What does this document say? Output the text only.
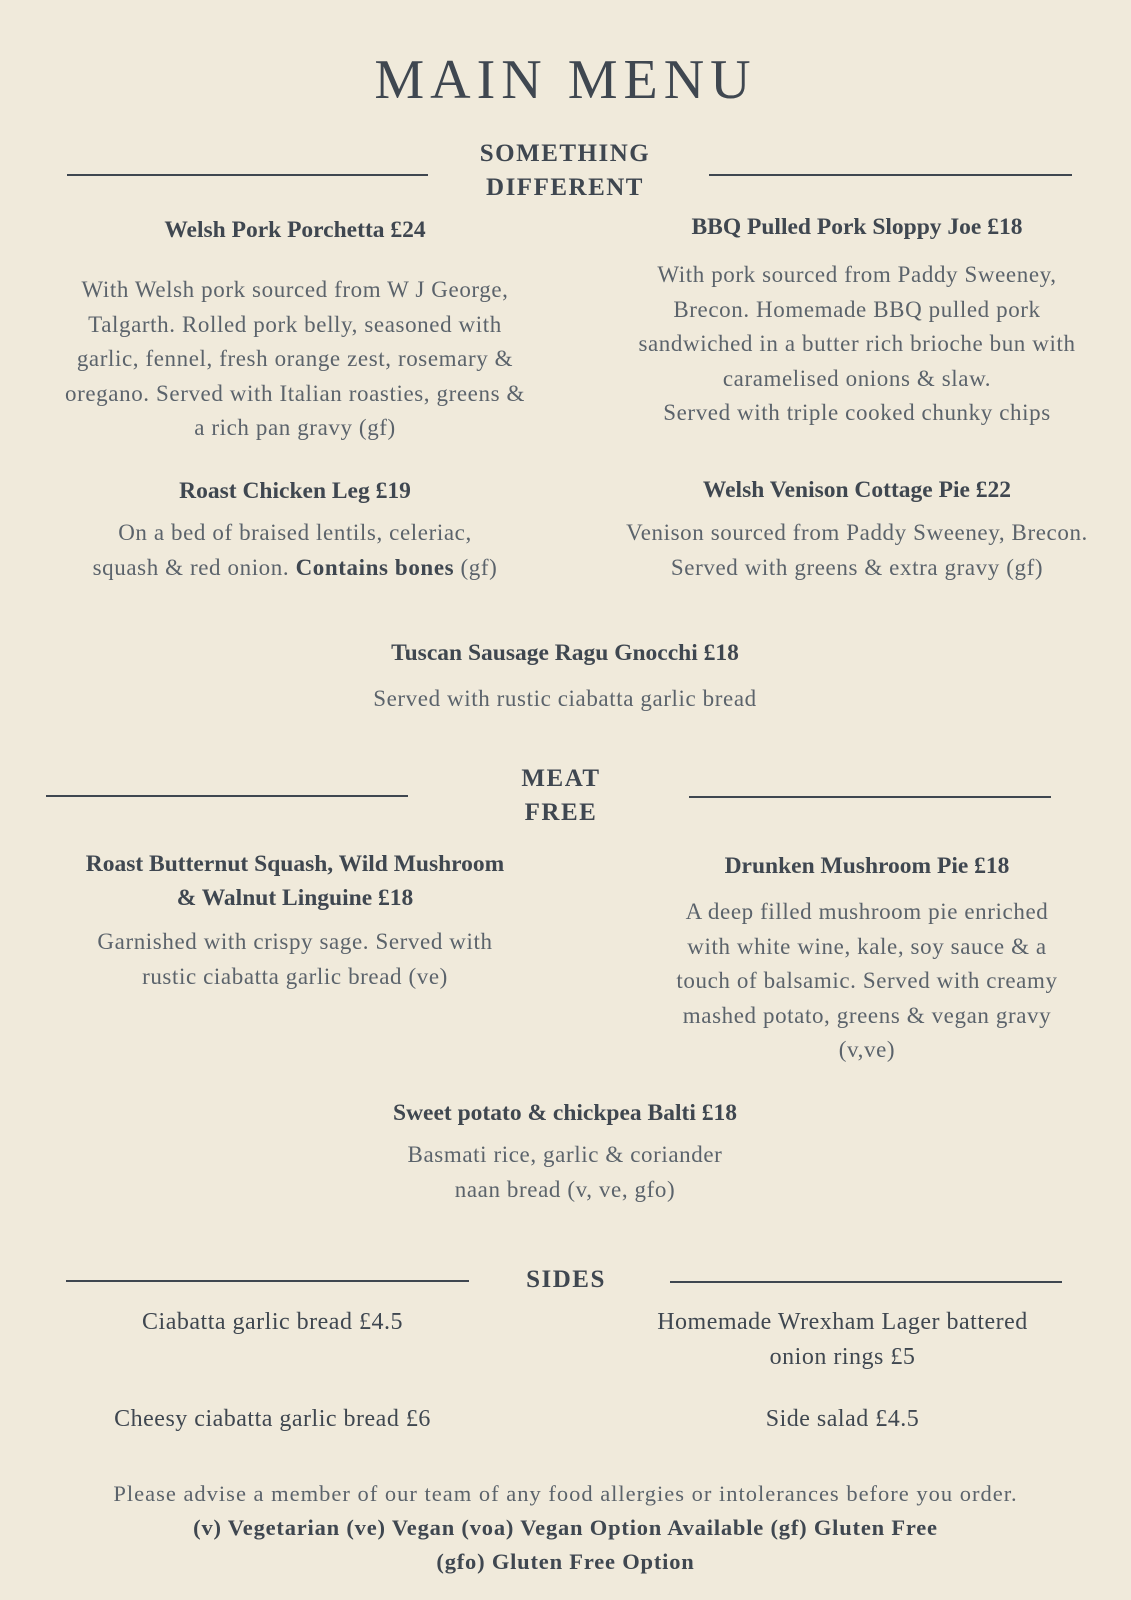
MAIN MENU
SOMETHING
DIFFERENT
Welsh Pork Porchetta £24
With Welsh pork sourced from W J George,
Talgarth. Rolled pork belly, seasoned with
garlic, fennel, fresh orange zest, rosemary &
oregano. Served with Italian roasties, greens &
a rich pan gravy (gf)
BBQ Pulled Pork Sloppy Joe £18
With pork sourced from Paddy Sweeney,
Brecon. Homemade BBQ pulled pork
sandwiched in a butter rich brioche bun with
caramelised onions & slaw.
Served with triple cooked chunky chips
Roast Chicken Leg £19
On a bed of braised lentils, celeriac,
squash & red onion. Contains bones (gf)
Welsh Venison Cottage Pie £22
Venison sourced from Paddy Sweeney, Brecon.
Served with greens & extra gravy (gf)
Tuscan Sausage Ragu Gnocchi £18
Served with rustic ciabatta garlic bread
MEAT
FREE
Roast Butternut Squash, Wild Mushroom
& Walnut Linguine £18
Garnished with crispy sage. Served with
rustic ciabatta garlic bread (ve)
Drunken Mushroom Pie £18
A deep filled mushroom pie enriched
with white wine, kale, soy sauce & a
touch of balsamic. Served with creamy
mashed potato, greens & vegan gravy
(v,ve)
Sweet potato & chickpea Balti £18
Basmati rice, garlic & coriander
naan bread (v, ve, gfo)
SIDES
Ciabatta garlic bread £4.5	Homemade Wrexham Lager battered
onion rings £5
Cheesy ciabatta garlic bread £6	Side salad £4.5
Please advise a member of our team of any food allergies or intolerances before you order.
(v) Vegetarian (ve) Vegan (voa) Vegan Option Available (gf) Gluten Free
(gfo) Gluten Free Option
